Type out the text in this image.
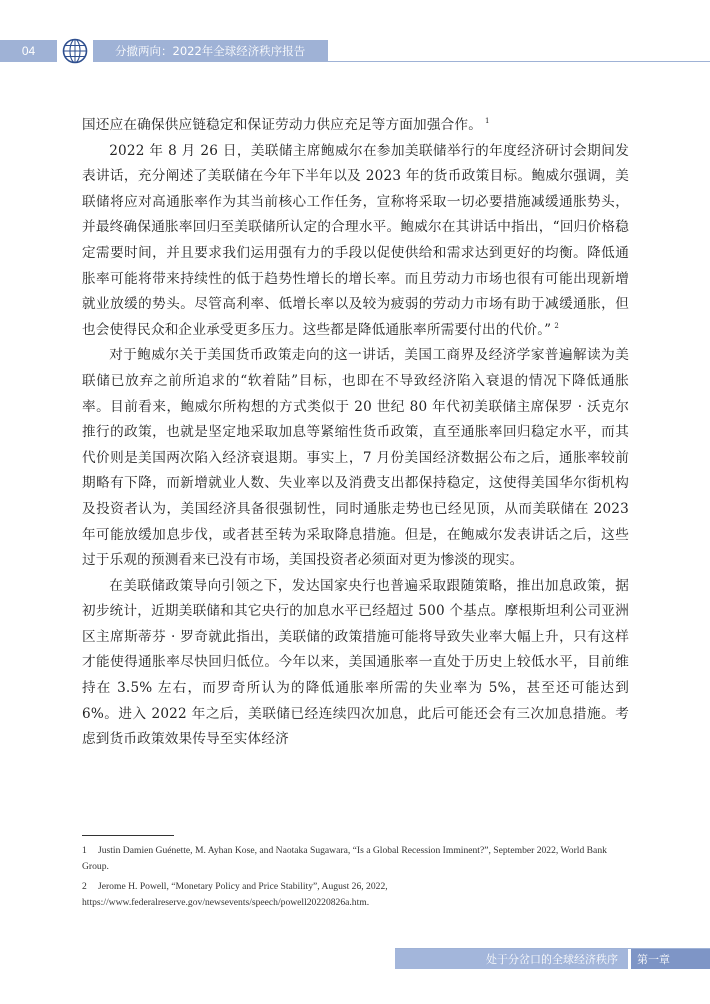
04	分撤两向：2022年全球经济秩序报告

国还应在确保供应链稳定和保证劳动力供应充足等方面加强合作。 $^1$

2022 年 8 月 26 日，美联储主席鲍威尔在参加美联储举行的年度经济研讨会期间发表讲话，充分阐述了美联储在今年下半年以及 2023 年的货币政策目标。鲍威尔强调，美联储将应对高通胀率作为其当前核心工作任务，宣称将采取一切必要措施减缓通胀势头，并最终确保通胀率回归至美联储所认定的合理水平。鲍威尔在其讲话中指出，“回归价格稳定需要时间，并且要求我们运用强有力的手段以促使供给和需求达到更好的均衡。降低通胀率可能将带来持续性的低于趋势性增长的增长率。而且劳动力市场也很有可能出现新增就业放缓的势头。尽管高利率、低增长率以及较为疲弱的劳动力市场有助于减缓通胀，但也会使得民众和企业承受更多压力。这些都是降低通胀率所需要付出的代价。” $^2$

对于鲍威尔关于美国货币政策走向的这一讲话，美国工商界及经济学家普遍解读为美联储已放弃之前所追求的“软着陆”目标，也即在不导致经济陷入衰退的情况下降低通胀率。目前看来，鲍威尔所构想的方式类似于 20 世纪 80 年代初美联储主席保罗 · 沃克尔推行的政策，也就是坚定地采取加息等紧缩性货币政策，直至通胀率回归稳定水平，而其代价则是美国两次陷入经济衰退期。事实上，7 月份美国经济数据公布之后，通胀率较前期略有下降，而新增就业人数、失业率以及消费支出都保持稳定，这使得美国华尔街机构及投资者认为，美国经济具备很强韧性，同时通胀走势也已经见顶，从而美联储在 2023 年可能放缓加息步伐，或者甚至转为采取降息措施。但是，在鲍威尔发表讲话之后，这些过于乐观的预测看来已没有市场，美国投资者必须面对更为惨淡的现实。

在美联储政策导向引领之下，发达国家央行也普遍采取跟随策略，推出加息政策，据初步统计，近期美联储和其它央行的加息水平已经超过 500 个基点。摩根斯坦利公司亚洲区主席斯蒂芬 · 罗奇就此指出，美联储的政策措施可能将导致失业率大幅上升，只有这样才能使得通胀率尽快回归低位。今年以来，美国通胀率一直处于历史上较低水平，目前维持在 3.5% 左右，而罗奇所认为的降低通胀率所需的失业率为 5%，甚至还可能达到 6%。进入 2022 年之后，美联储已经连续四次加息，此后可能还会有三次加息措施。考虑到货币政策效果传导至实体经济

1 Justin Damien Guénette, M. Ayhan Kose, and Naotaka Sugawara, “Is a Global Recession Imminent?”, September 2022, World Bank Group.

2 Jerome H. Powell, “Monetary Policy and Price Stability”, August 26, 2022, https://www.federalreserve.gov/newsevents/speech/powell20220826a.htm.

处于分岔口的全球经济秩序	第一章
